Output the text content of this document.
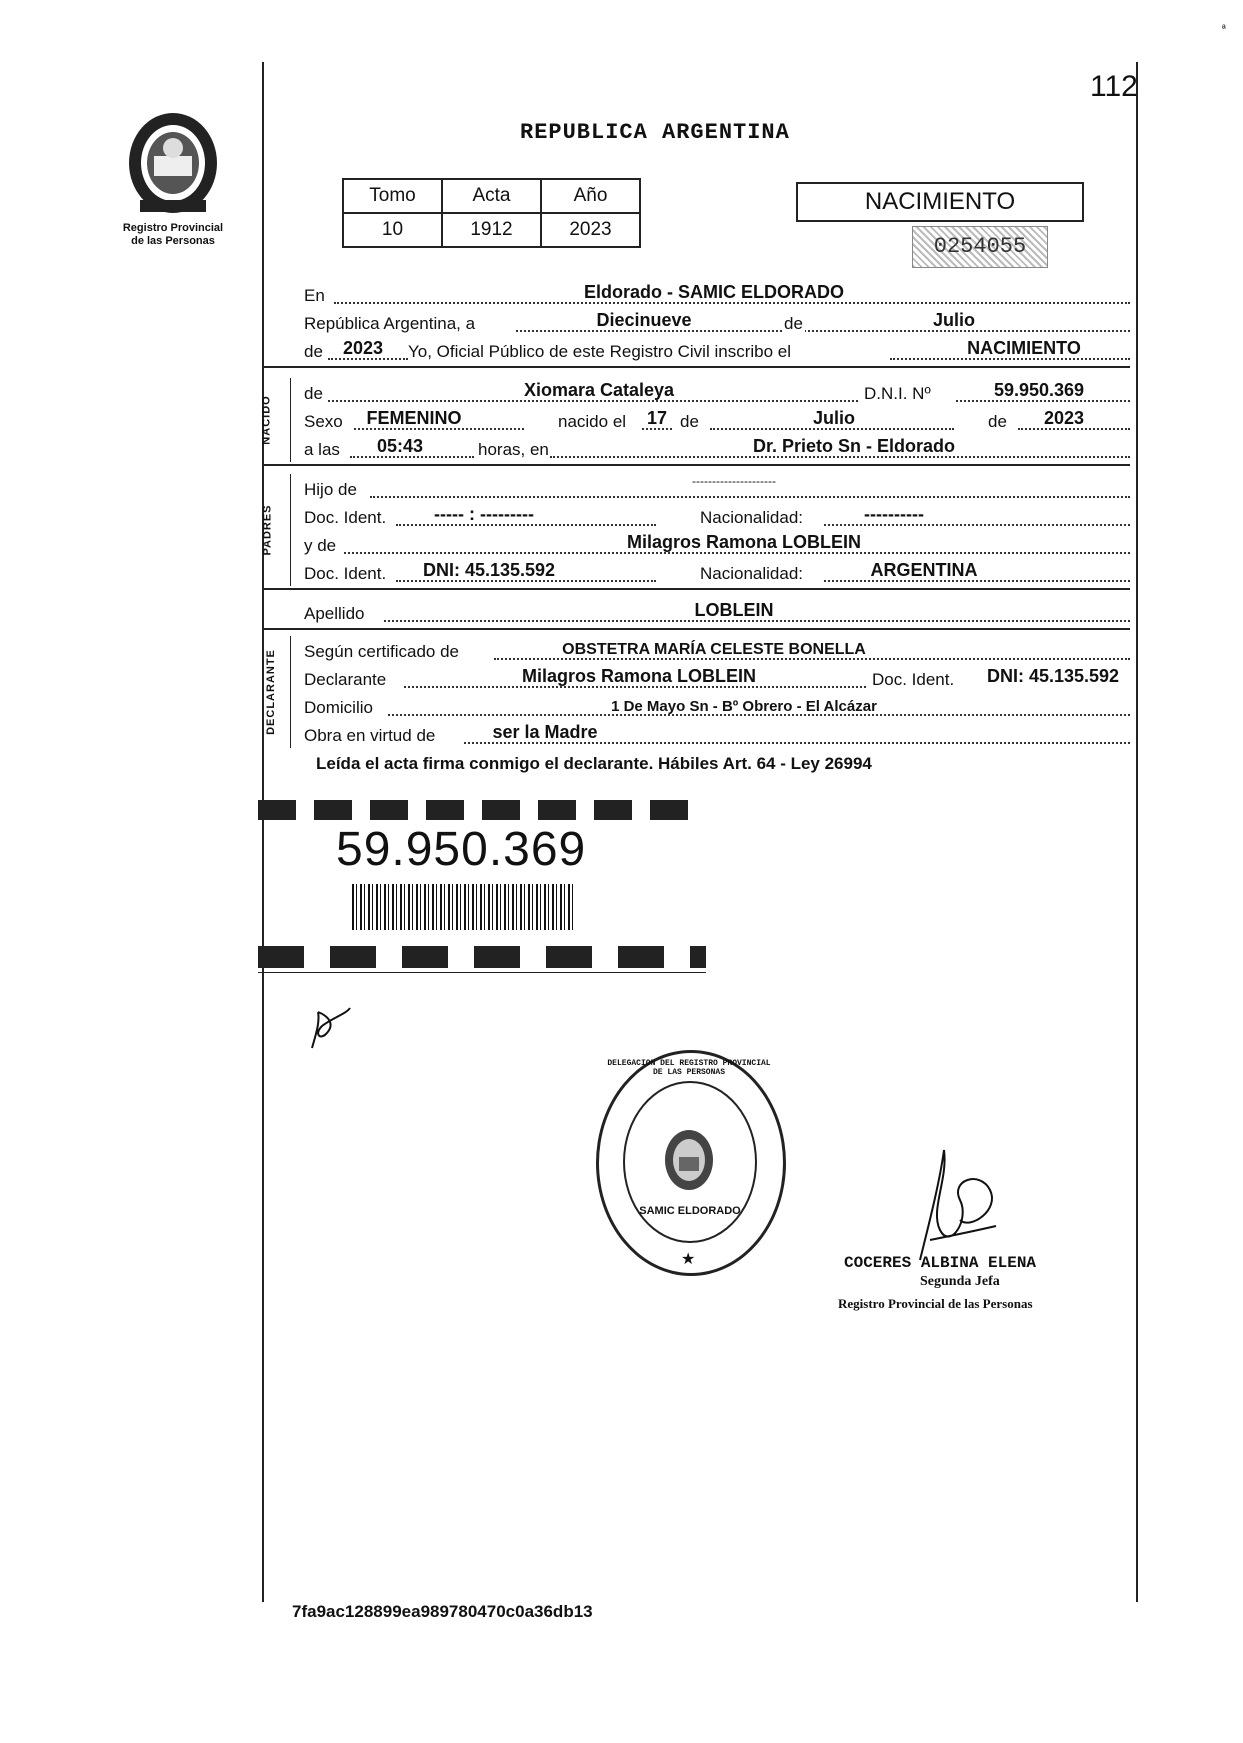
112
Registro Provincial
de las Personas
REPUBLICA ARGENTINA
Tomo	Acta	Año
10	1912	2023
NACIMIENTO
0254055
En	Eldorado - SAMIC ELDORADO
República Argentina, a	Diecinueve	de	Julio
de	2023	Yo, Oficial Público de este Registro Civil inscribo el	NACIMIENTO
NACIDO
de	Xiomara Cataleya	D.N.I. Nº	59.950.369
Sexo	FEMENINO	nacido el 17 de	Julio	de	2023
a las	05:43	horas, en	Dr. Prieto Sn - Eldorado
PADRES
Hijo de	---------------------
Doc. Ident.	----- : ---------	Nacionalidad:	----------
y de	Milagros Ramona LOBLEIN
Doc. Ident.	DNI: 45.135.592	Nacionalidad:	ARGENTINA
Apellido	LOBLEIN
DECLARANTE Según certificado de	OBSTETRA MARÍA CELESTE BONELLA
Declarante	Milagros Ramona LOBLEIN	Doc. Ident.	DNI: 45.135.592
Domicilio	1 De Mayo Sn - Bº Obrero - El Alcázar
Obra en virtud de	ser la Madre
Leída el acta firma conmigo el declarante. Hábiles Art. 64 - Ley 26994
59.950.369
DELEGACION DEL REGISTRO PROVINCIAL DE LAS PERSONAS
SAMIC ELDORADO
★	COCERES ALBINA ELENA
Segunda Jefa
Registro Provincial de las Personas
7fa9ac128899ea989780470c0a36db13
ª
